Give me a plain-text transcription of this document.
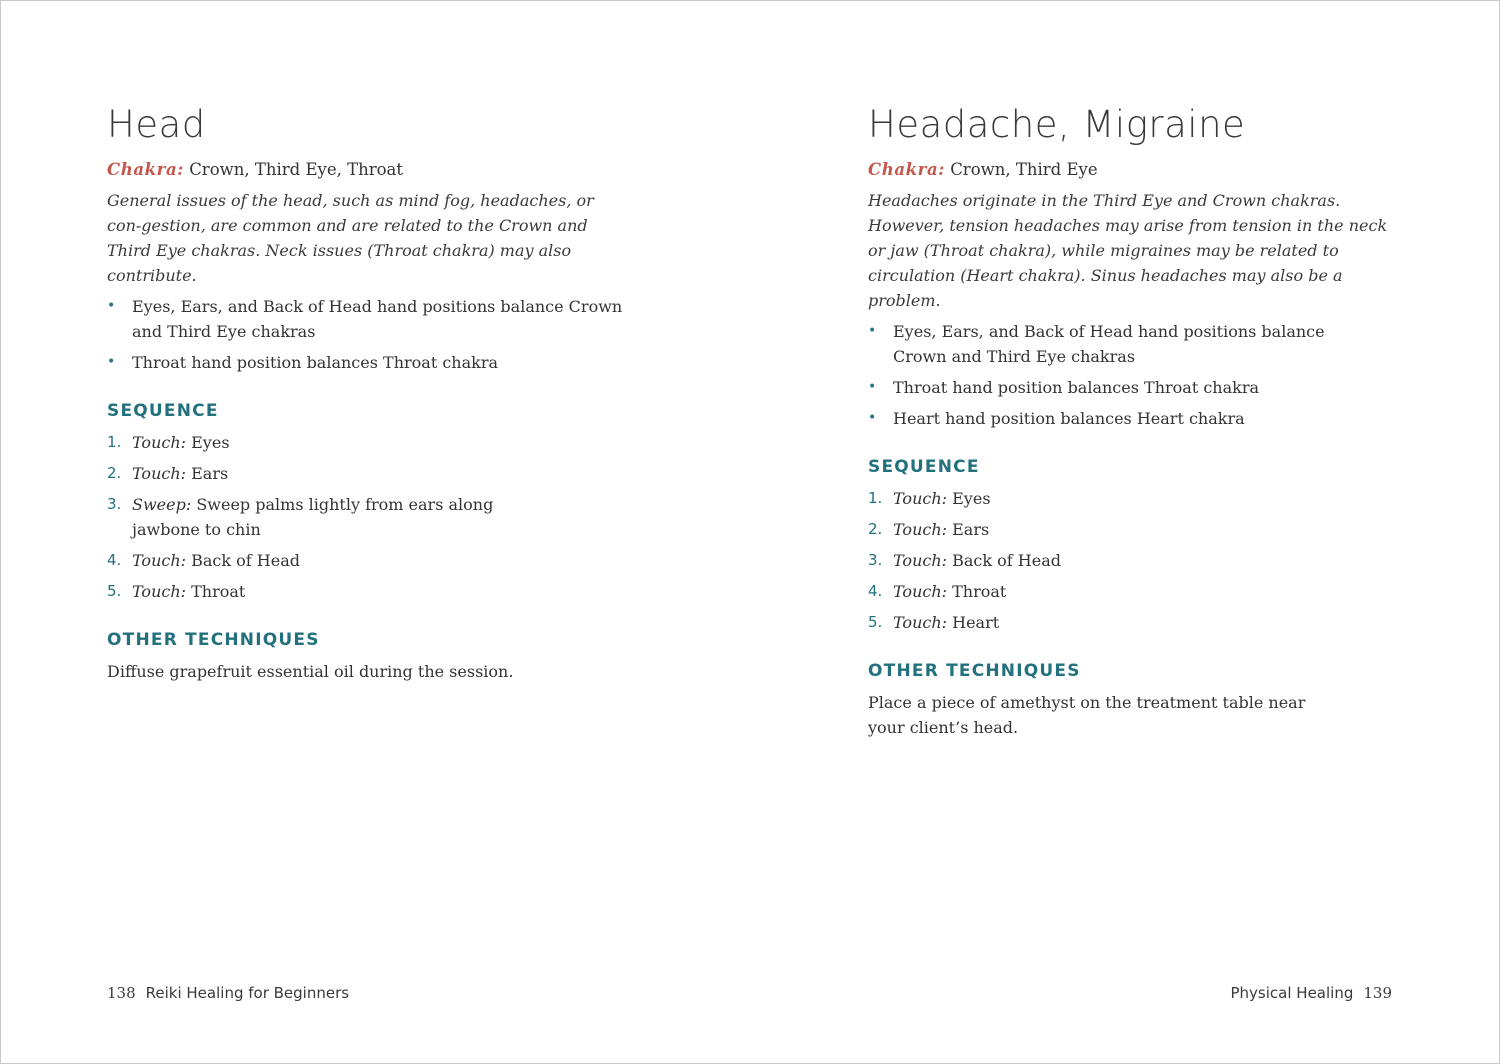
Head
Chakra: Crown, Third Eye, Throat
General issues of the head, such as mind fog, headaches, or con-gestion, are common and are related to the Crown and Third Eye chakras. Neck issues (Throat chakra) may also contribute.
• Eyes, Ears, and Back of Head hand positions balance Crown and Third Eye chakras
• Throat hand position balances Throat chakra
SEQUENCE
1. Touch: Eyes
2. Touch: Ears
3. Sweep: Sweep palms lightly from ears along jawbone to chin
4. Touch: Back of Head
5. Touch: Throat
OTHER TECHNIQUES
Diffuse grapefruit essential oil during the session.
138 Reiki Healing for Beginners
Headache, Migraine
Chakra: Crown, Third Eye
Headaches originate in the Third Eye and Crown chakras. However, tension headaches may arise from tension in the neck or jaw (Throat chakra), while migraines may be related to circulation (Heart chakra). Sinus headaches may also be a problem.
• Eyes, Ears, and Back of Head hand positions balance Crown and Third Eye chakras
• Throat hand position balances Throat chakra
• Heart hand position balances Heart chakra
SEQUENCE
1. Touch: Eyes
2. Touch: Ears
3. Touch: Back of Head
4. Touch: Throat
5. Touch: Heart
OTHER TECHNIQUES
Place a piece of amethyst on the treatment table near your client’s head.
Physical Healing 139
